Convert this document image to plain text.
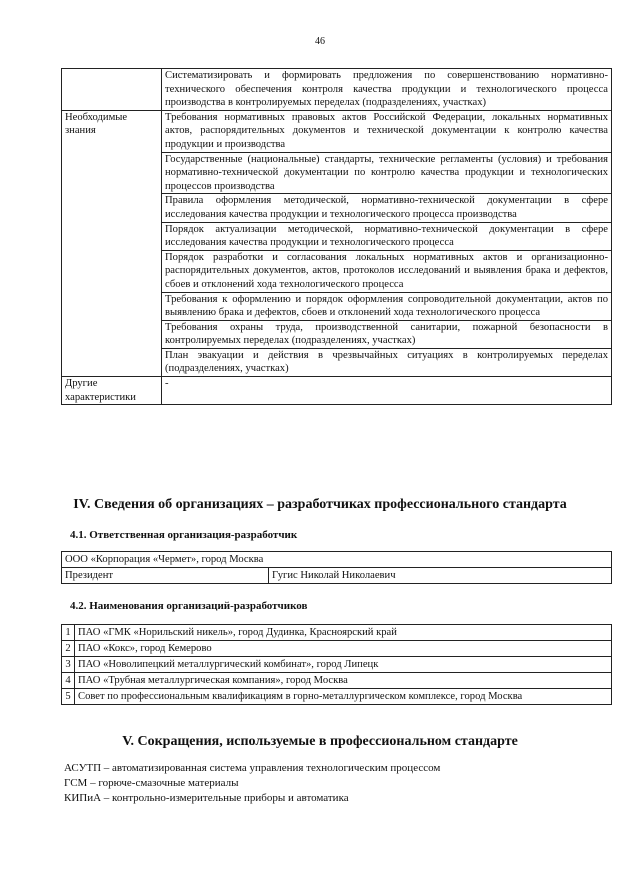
46
	Систематизировать и формировать предложения по совершенствованию нормативно-технического обеспечения контроля качества продукции и технологического процесса производства в контролируемых переделах (подразделениях, участках)
Необходимые знания	Требования нормативных правовых актов Российской Федерации, локальных нормативных актов, распорядительных документов и технической документации к контролю качества продукции и производства
	Государственные (национальные) стандарты, технические регламенты (условия) и требования нормативно-технической документации по контролю качества продукции и технологических процессов производства
	Правила оформления методической, нормативно-технической документации в сфере исследования качества продукции и технологического процесса производства
	Порядок актуализации методической, нормативно-технической документации в сфере исследования качества продукции и технологического процесса
	Порядок разработки и согласования локальных нормативных актов и организационно-распорядительных документов, актов, протоколов исследований и выявления брака и дефектов, сбоев и отклонений хода технологического процесса
	Требования к оформлению и порядок оформления сопроводительной документации, актов по выявлению брака и дефектов, сбоев и отклонений хода технологического процесса
	Требования охраны труда, производственной санитарии, пожарной безопасности в контролируемых переделах (подразделениях, участках)
	План эвакуации и действия в чрезвычайных ситуациях в контролируемых переделах (подразделениях, участках)
Другие характеристики	-
IV. Сведения об организациях – разработчиках профессионального стандарта
4.1. Ответственная организация-разработчик
ООО «Корпорация «Чермет», город Москва
Президент	Гугис Николай Николаевич
4.2. Наименования организаций-разработчиков
1	ПАО «ГМК «Норильский никель», город Дудинка, Красноярский край
2	ПАО «Кокс», город Кемерово
3	ПАО «Новолипецкий металлургический комбинат», город Липецк
4	ПАО «Трубная металлургическая компания», город Москва
5	Совет по профессиональным квалификациям в горно-металлургическом комплексе, город Москва
V. Сокращения, используемые в профессиональном стандарте
АСУТП – автоматизированная система управления технологическим процессом
ГСМ – горюче-смазочные материалы
КИПиА – контрольно-измерительные приборы и автоматика
